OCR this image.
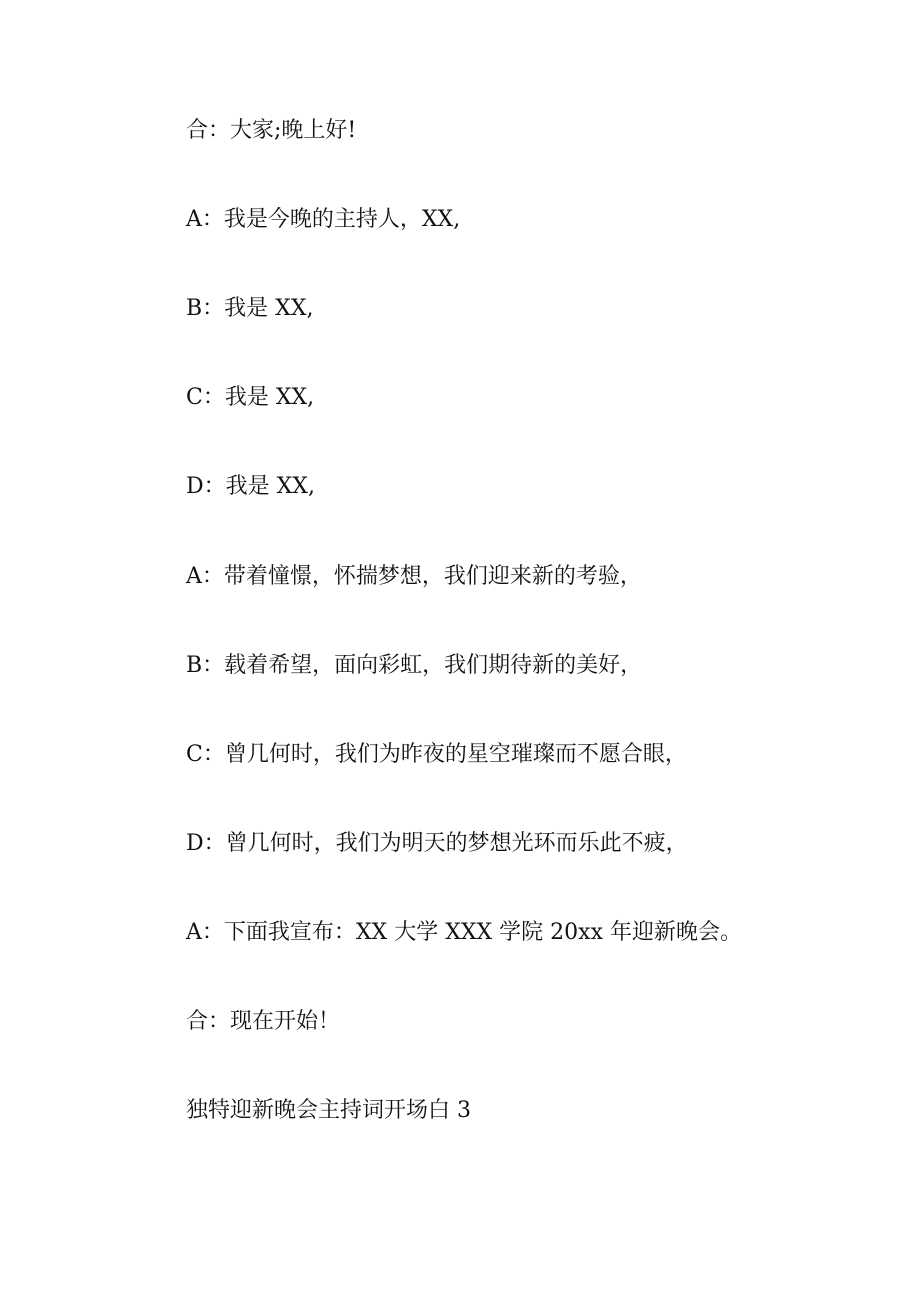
合：大家;晚上好!

A：我是今晚的主持人，XX,

B：我是 XX,

C：我是 XX,

D：我是 XX,

A：带着憧憬，怀揣梦想，我们迎来新的考验，

B：载着希望，面向彩虹，我们期待新的美好，

C：曾几何时，我们为昨夜的星空璀璨而不愿合眼，

D：曾几何时，我们为明天的梦想光环而乐此不疲，

A：下面我宣布：XX 大学 XXX 学院 20xx 年迎新晚会。

合：现在开始！

独特迎新晚会主持词开场白 3
